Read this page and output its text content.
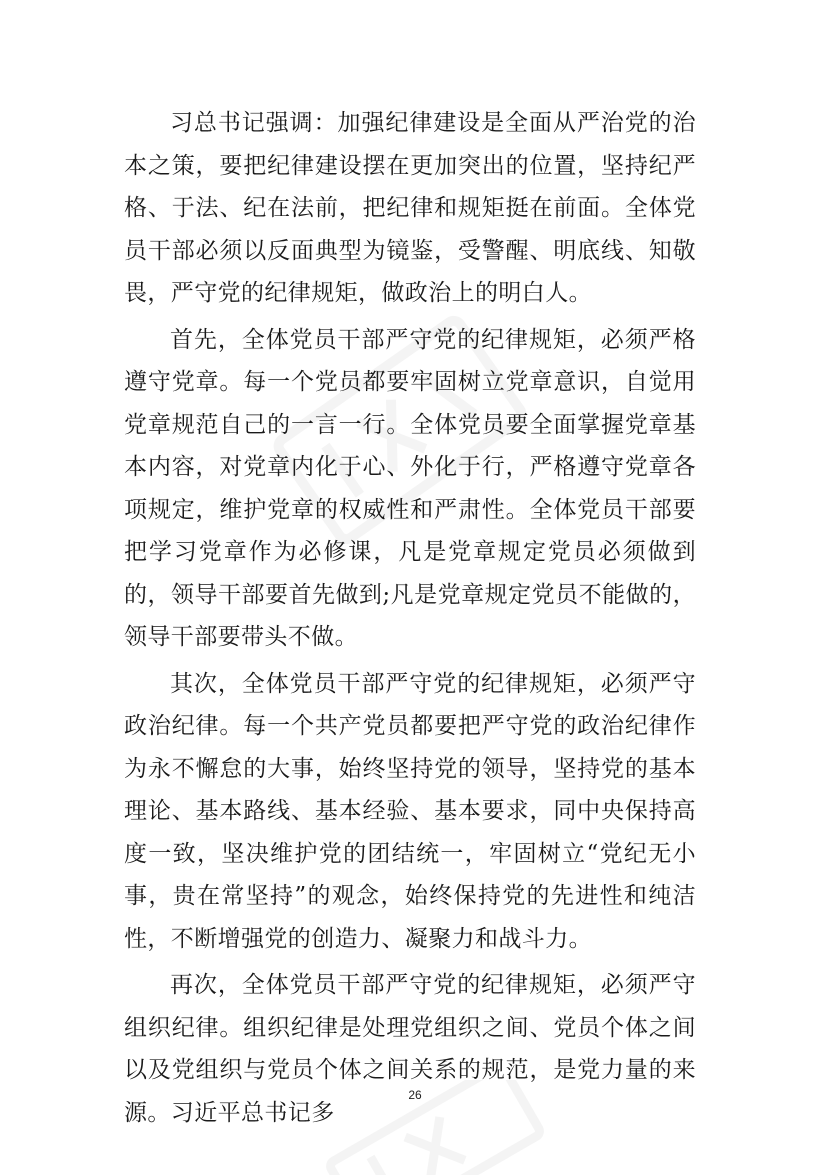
习总书记强调：加强纪律建设是全面从严治党的治本之策，要把纪律建设摆在更加突出的位置，坚持纪严格、于法、纪在法前，把纪律和规矩挺在前面。全体党员干部必须以反面典型为镜鉴，受警醒、明底线、知敬畏，严守党的纪律规矩，做政治上的明白人。

首先，全体党员干部严守党的纪律规矩，必须严格遵守党章。每一个党员都要牢固树立党章意识，自觉用党章规范自己的一言一行。全体党员要全面掌握党章基本内容，对党章内化于心、外化于行，严格遵守党章各项规定，维护党章的权威性和严肃性。全体党员干部要把学习党章作为必修课，凡是党章规定党员必须做到的，领导干部要首先做到;凡是党章规定党员不能做的，领导干部要带头不做。

其次，全体党员干部严守党的纪律规矩，必须严守政治纪律。每一个共产党员都要把严守党的政治纪律作为永不懈怠的大事，始终坚持党的领导，坚持党的基本理论、基本路线、基本经验、基本要求，同中央保持高度一致，坚决维护党的团结统一，牢固树立“党纪无小事，贵在常坚持”的观念，始终保持党的先进性和纯洁性，不断增强党的创造力、凝聚力和战斗力。

再次，全体党员干部严守党的纪律规矩，必须严守组织纪律。组织纪律是处理党组织之间、党员个体之间以及党组织与党员个体之间关系的规范，是党力量的来源。习近平总书记多

26
